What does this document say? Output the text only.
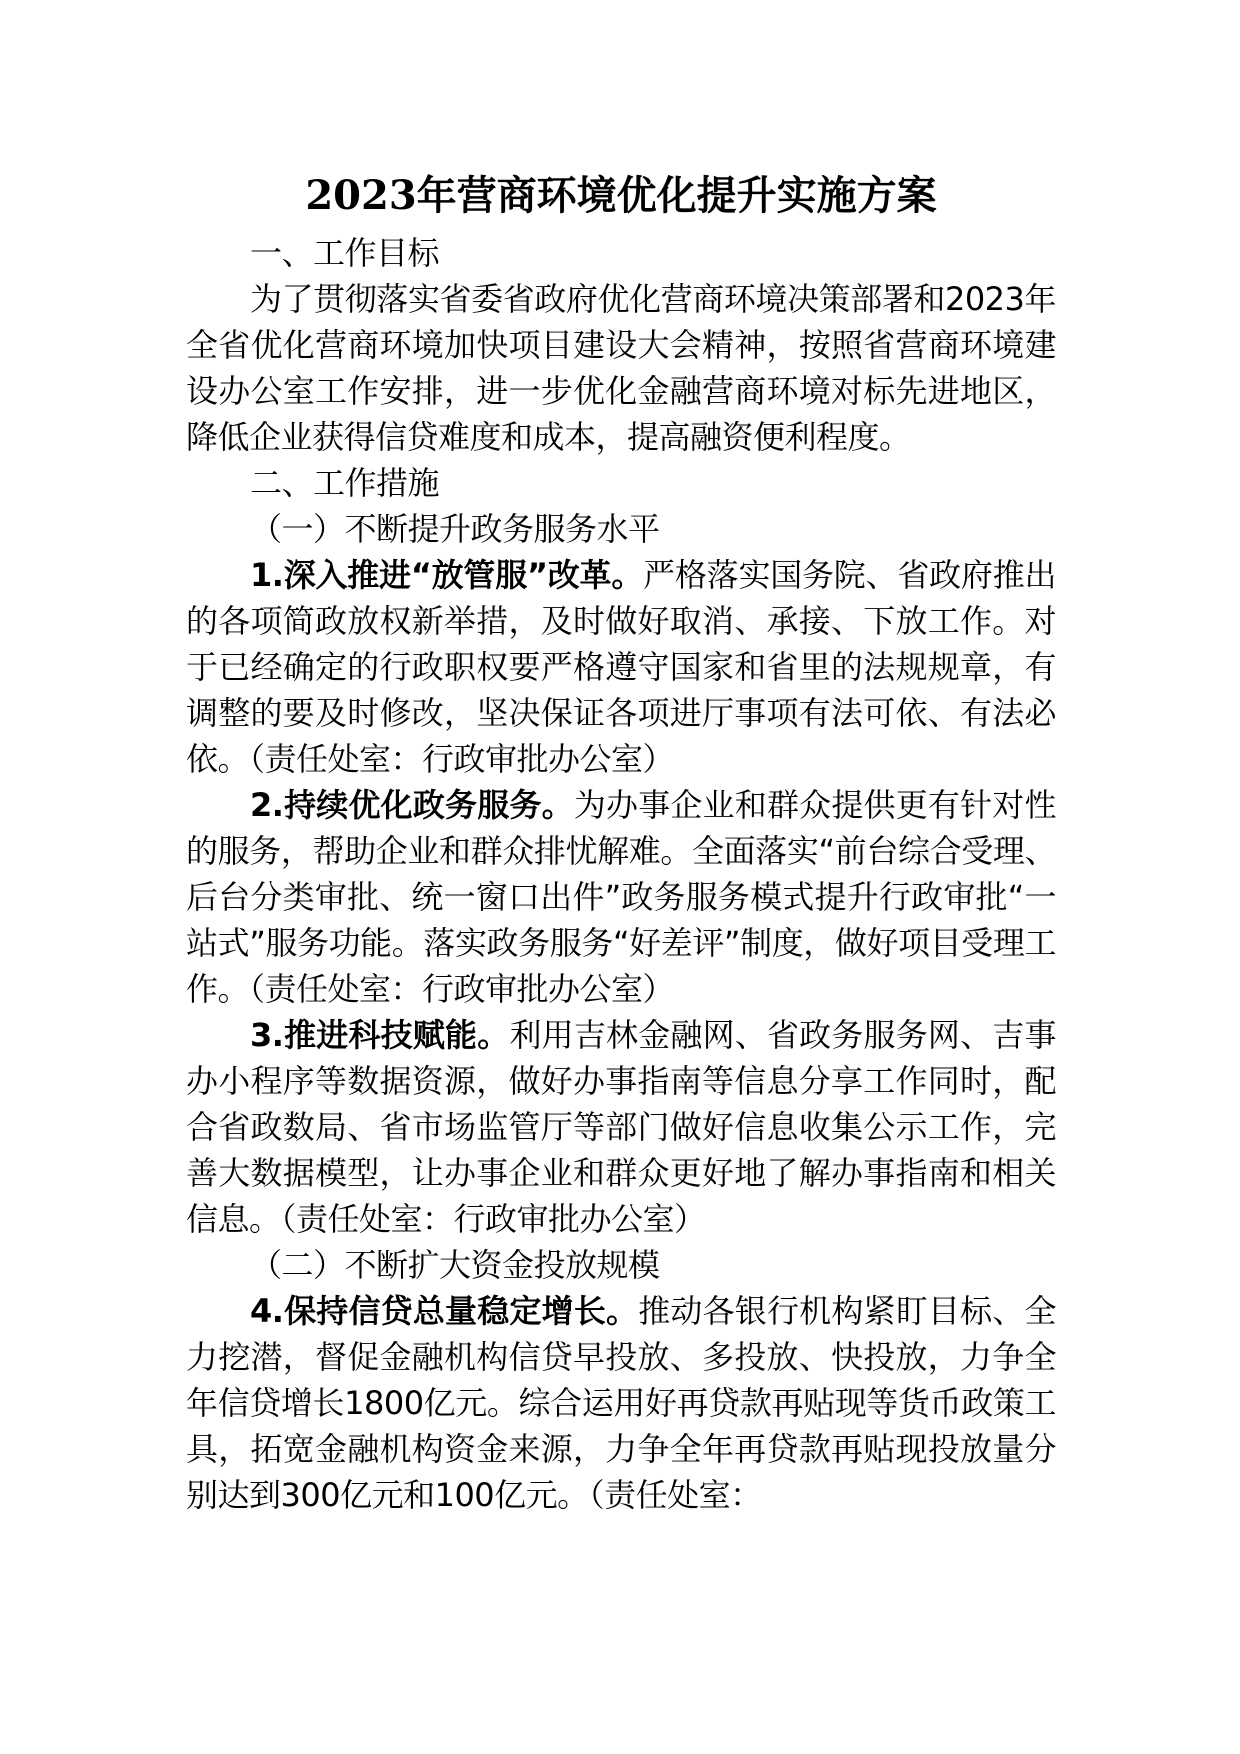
2023年营商环境优化提升实施方案

一、工作目标

为了贯彻落实省委省政府优化营商环境决策部署和2023年全省优化营商环境加快项目建设大会精神，按照省营商环境建设办公室工作安排，进一步优化金融营商环境对标先进地区，降低企业获得信贷难度和成本，提高融资便利程度。

二、工作措施

（一）不断提升政务服务水平

1.深入推进“放管服”改革。严格落实国务院、省政府推出的各项简政放权新举措，及时做好取消、承接、下放工作。对于已经确定的行政职权要严格遵守国家和省里的法规规章，有调整的要及时修改，坚决保证各项进厅事项有法可依、有法必依。（责任处室：行政审批办公室）

2.持续优化政务服务。为办事企业和群众提供更有针对性的服务，帮助企业和群众排忧解难。全面落实“前台综合受理、后台分类审批、统一窗口出件”政务服务模式提升行政审批“一站式”服务功能。落实政务服务“好差评”制度，做好项目受理工作。（责任处室：行政审批办公室）

3.推进科技赋能。利用吉林金融网、省政务服务网、吉事办小程序等数据资源，做好办事指南等信息分享工作同时，配合省政数局、省市场监管厅等部门做好信息收集公示工作，完善大数据模型，让办事企业和群众更好地了解办事指南和相关信息。（责任处室：行政审批办公室）

（二）不断扩大资金投放规模

4.保持信贷总量稳定增长。推动各银行机构紧盯目标、全力挖潜，督促金融机构信贷早投放、多投放、快投放，力争全年信贷增长1800亿元。综合运用好再贷款再贴现等货币政策工具，拓宽金融机构资金来源，力争全年再贷款再贴现投放量分别达到300亿元和100亿元。（责任处室：
